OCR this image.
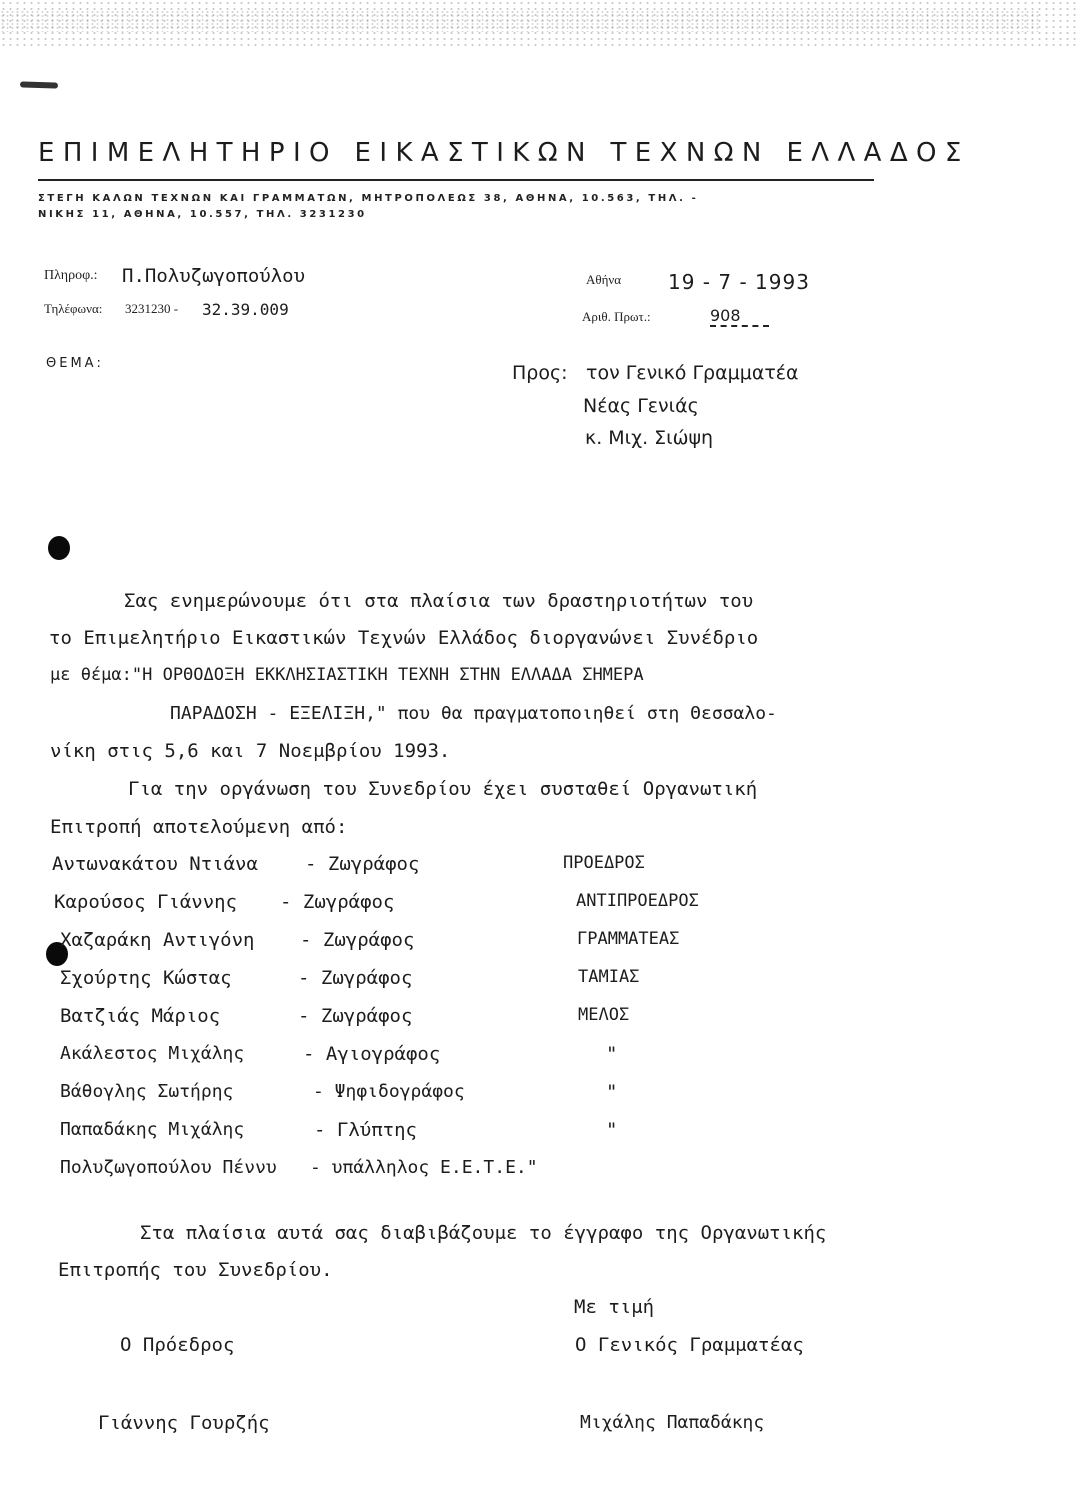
ΕΠΙΜΕΛΗΤΗΡΙΟ ΕΙΚΑΣΤΙΚΩΝ ΤΕΧΝΩΝ ΕΛΛΑΔΟΣ
ΣΤΕΓΗ ΚΑΛΩΝ ΤΕΧΝΩΝ ΚΑΙ ΓΡΑΜΜΑΤΩΝ, ΜΗΤΡΟΠΟΛΕΩΣ 38, ΑΘΗΝΑ, 10.563, ΤΗΛ. -
ΝΙΚΗΣ 11, ΑΘΗΝΑ, 10.557, ΤΗΛ. 3231230
Πληροφ.: Π.Πολυζωγοπούλου
Τηλέφωνα: 3231230 - 32.39.009
ΘΕΜΑ:
Αθήνα 19 - 7 - 1993
Αριθ. Πρωτ.:	908
Προς: τον Γενικό Γραμματέα
Νέας Γενιάς
κ. Μιχ. Σιώψη
Σας ενημερώνουμε ότι στα πλαίσια των δραστηριοτήτων του
το Επιμελητήριο Εικαστικών Τεχνών Ελλάδος διοργανώνει Συνέδριο
με θέμα:"Η ΟΡΘΟΔΟΞΗ ΕΚΚΛΗΣΙΑΣΤΙΚΗ ΤΕΧΝΗ ΣΤΗΝ ΕΛΛΑΔΑ ΣΗΜΕΡΑ
ΠΑΡΑΔΟΣΗ - ΕΞΕΛΙΞΗ," που θα πραγματοποιηθεί στη Θεσσαλο-
νίκη στις 5,6 και 7 Νοεμβρίου 1993.
Για την οργάνωση του Συνεδρίου έχει συσταθεί Οργανωτική
Επιτροπή αποτελούμενη από:
Αντωνακάτου Ντιάνα - Ζωγράφος	ΠΡΟΕΔΡΟΣ
Καρούσος Γιάννης - Ζωγράφος	ΑΝΤΙΠΡΟΕΔΡΟΣ
Χαζαράκη Αντιγόνη - Ζωγράφος	ΓΡΑΜΜΑΤΕΑΣ
Σχούρτης Κώστας	- Ζωγράφος	ΤΑΜΙΑΣ
Βατζιάς Μάριος	- Ζωγράφος	ΜΕΛΟΣ
Ακάλεστος Μιχάλης	- Αγιογράφος	"
Βάθογλης Σωτήρης	- Ψηφιδογράφος	"
Παπαδάκης Μιχάλης	- Γλύπτης	"
Πολυζωγοπούλου Πέννυ - υπάλληλος Ε.Ε.Τ.Ε."
Στα πλαίσια αυτά σας διαβιβάζουμε το έγγραφο της Οργανωτικής
Επιτροπής του Συνεδρίου.
Με τιμή
Ο Πρόεδρος	Ο Γενικός Γραμματέας
Γιάννης Γουρζής	Μιχάλης Παπαδάκης
